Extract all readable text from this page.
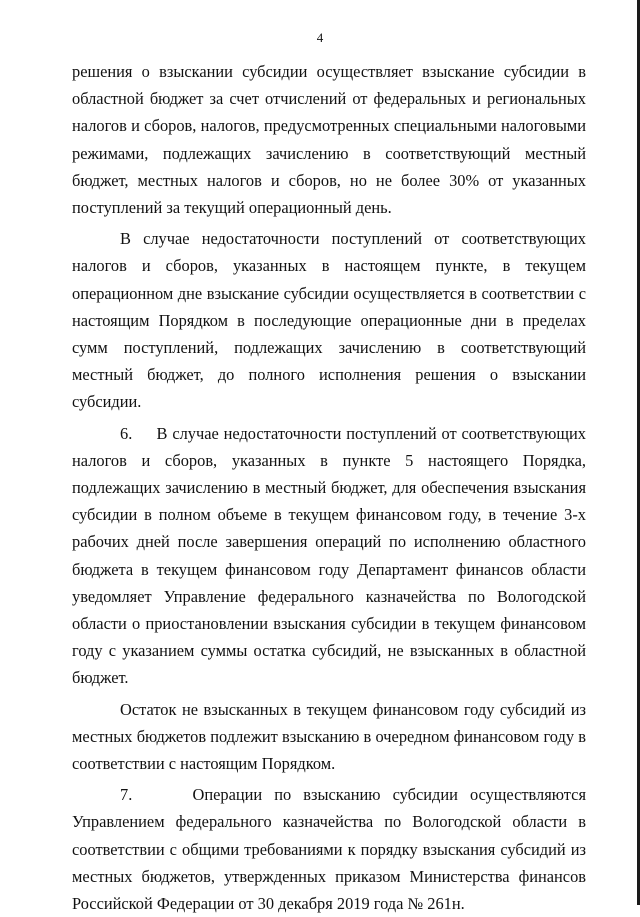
4

решения о взыскании субсидии осуществляет взыскание субсидии в областной бюджет за счет отчислений от федеральных и региональных налогов и сборов, налогов, предусмотренных специальными налоговыми режимами, подлежащих зачислению в соответствующий местный бюджет, местных налогов и сборов, но не более 30% от указанных поступлений за текущий операционный день.

В случае недостаточности поступлений от соответствующих налогов и сборов, указанных в настоящем пункте, в текущем операционном дне взыскание субсидии осуществляется в соответствии с настоящим Порядком в последующие операционные дни в пределах сумм поступлений, подлежащих зачислению в соответствующий местный бюджет, до полного исполнения решения о взыскании субсидии.

6.     В случае недостаточности поступлений от соответствующих налогов и сборов, указанных в пункте 5 настоящего Порядка, подлежащих зачислению в местный бюджет, для обеспечения взыскания субсидии в полном объеме в текущем финансовом году, в течение 3-х рабочих дней после завершения операций по исполнению областного бюджета в текущем финансовом году Департамент финансов области уведомляет Управление федерального казначейства по Вологодской области о приостановлении взыскания субсидии в текущем финансовом году с указанием суммы остатка субсидий, не взысканных в областной бюджет.

Остаток не взысканных в текущем финансовом году субсидий из местных бюджетов подлежит взысканию в очередном финансовом году в соответствии с настоящим Порядком.

7.     Операции по взысканию субсидии осуществляются Управлением федерального казначейства по Вологодской области в соответствии с общими требованиями к порядку взыскания субсидий из местных бюджетов, утвержденных приказом Министерства финансов Российской Федерации от 30 декабря 2019 года № 261н.
